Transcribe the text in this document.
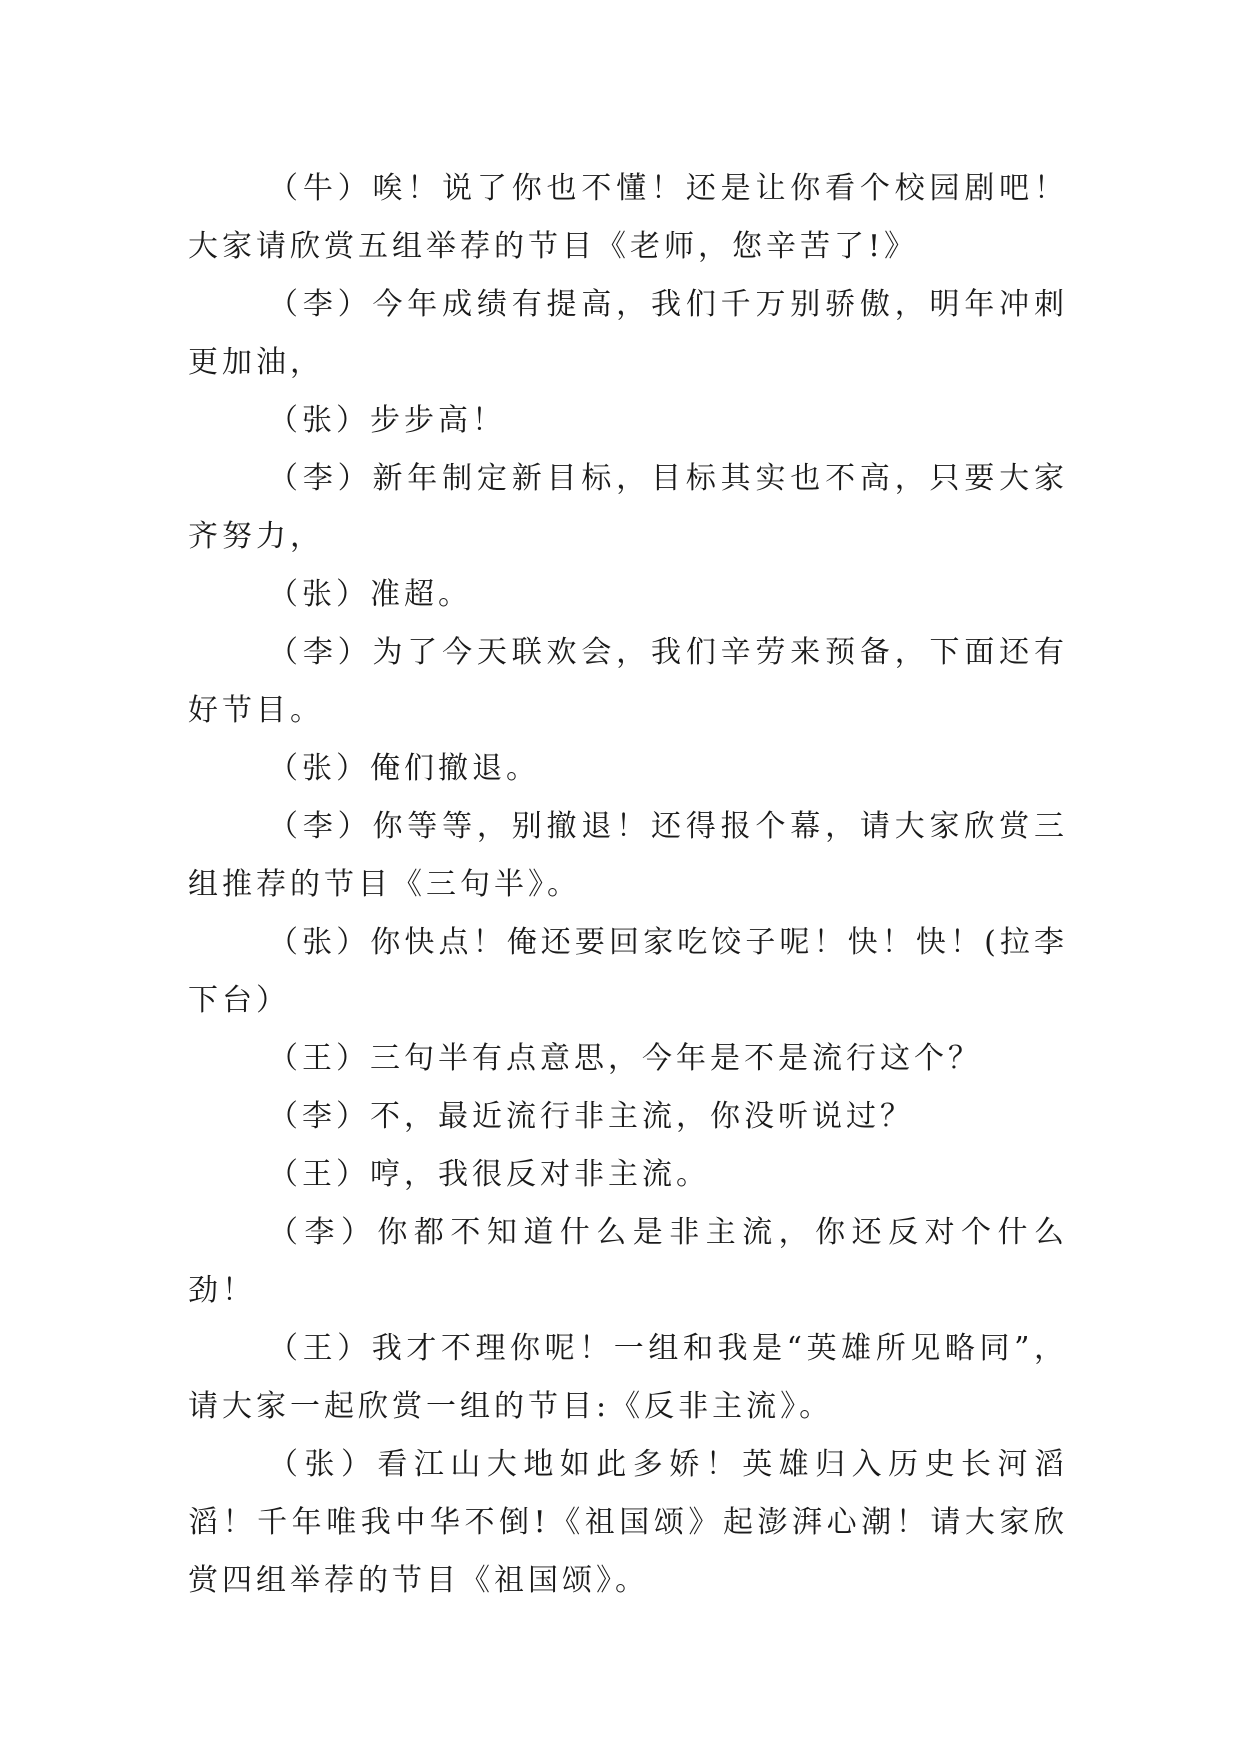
（牛）唉！说了你也不懂！还是让你看个校园剧吧！大家请欣赏五组举荐的节目《老师，您辛苦了!》

（李）今年成绩有提高，我们千万别骄傲，明年冲刺更加油，

（张）步步高！

（李）新年制定新目标，目标其实也不高，只要大家齐努力，

（张）准超。

（李）为了今天联欢会，我们辛劳来预备，下面还有好节目。

（张）俺们撤退。

（李）你等等，别撤退！还得报个幕，请大家欣赏三组推荐的节目《三句半》。

（张）你快点！俺还要回家吃饺子呢！快！快！(拉李下台）

（王）三句半有点意思，今年是不是流行这个？

（李）不，最近流行非主流，你没听说过？

（王）哼，我很反对非主流。

（李）你都不知道什么是非主流，你还反对个什么劲！

（王）我才不理你呢！一组和我是“英雄所见略同”，请大家一起欣赏一组的节目:《反非主流》。

（张）看江山大地如此多娇！英雄归入历史长河滔滔！千年唯我中华不倒!《祖国颂》起澎湃心潮！请大家欣赏四组举荐的节目《祖国颂》。
